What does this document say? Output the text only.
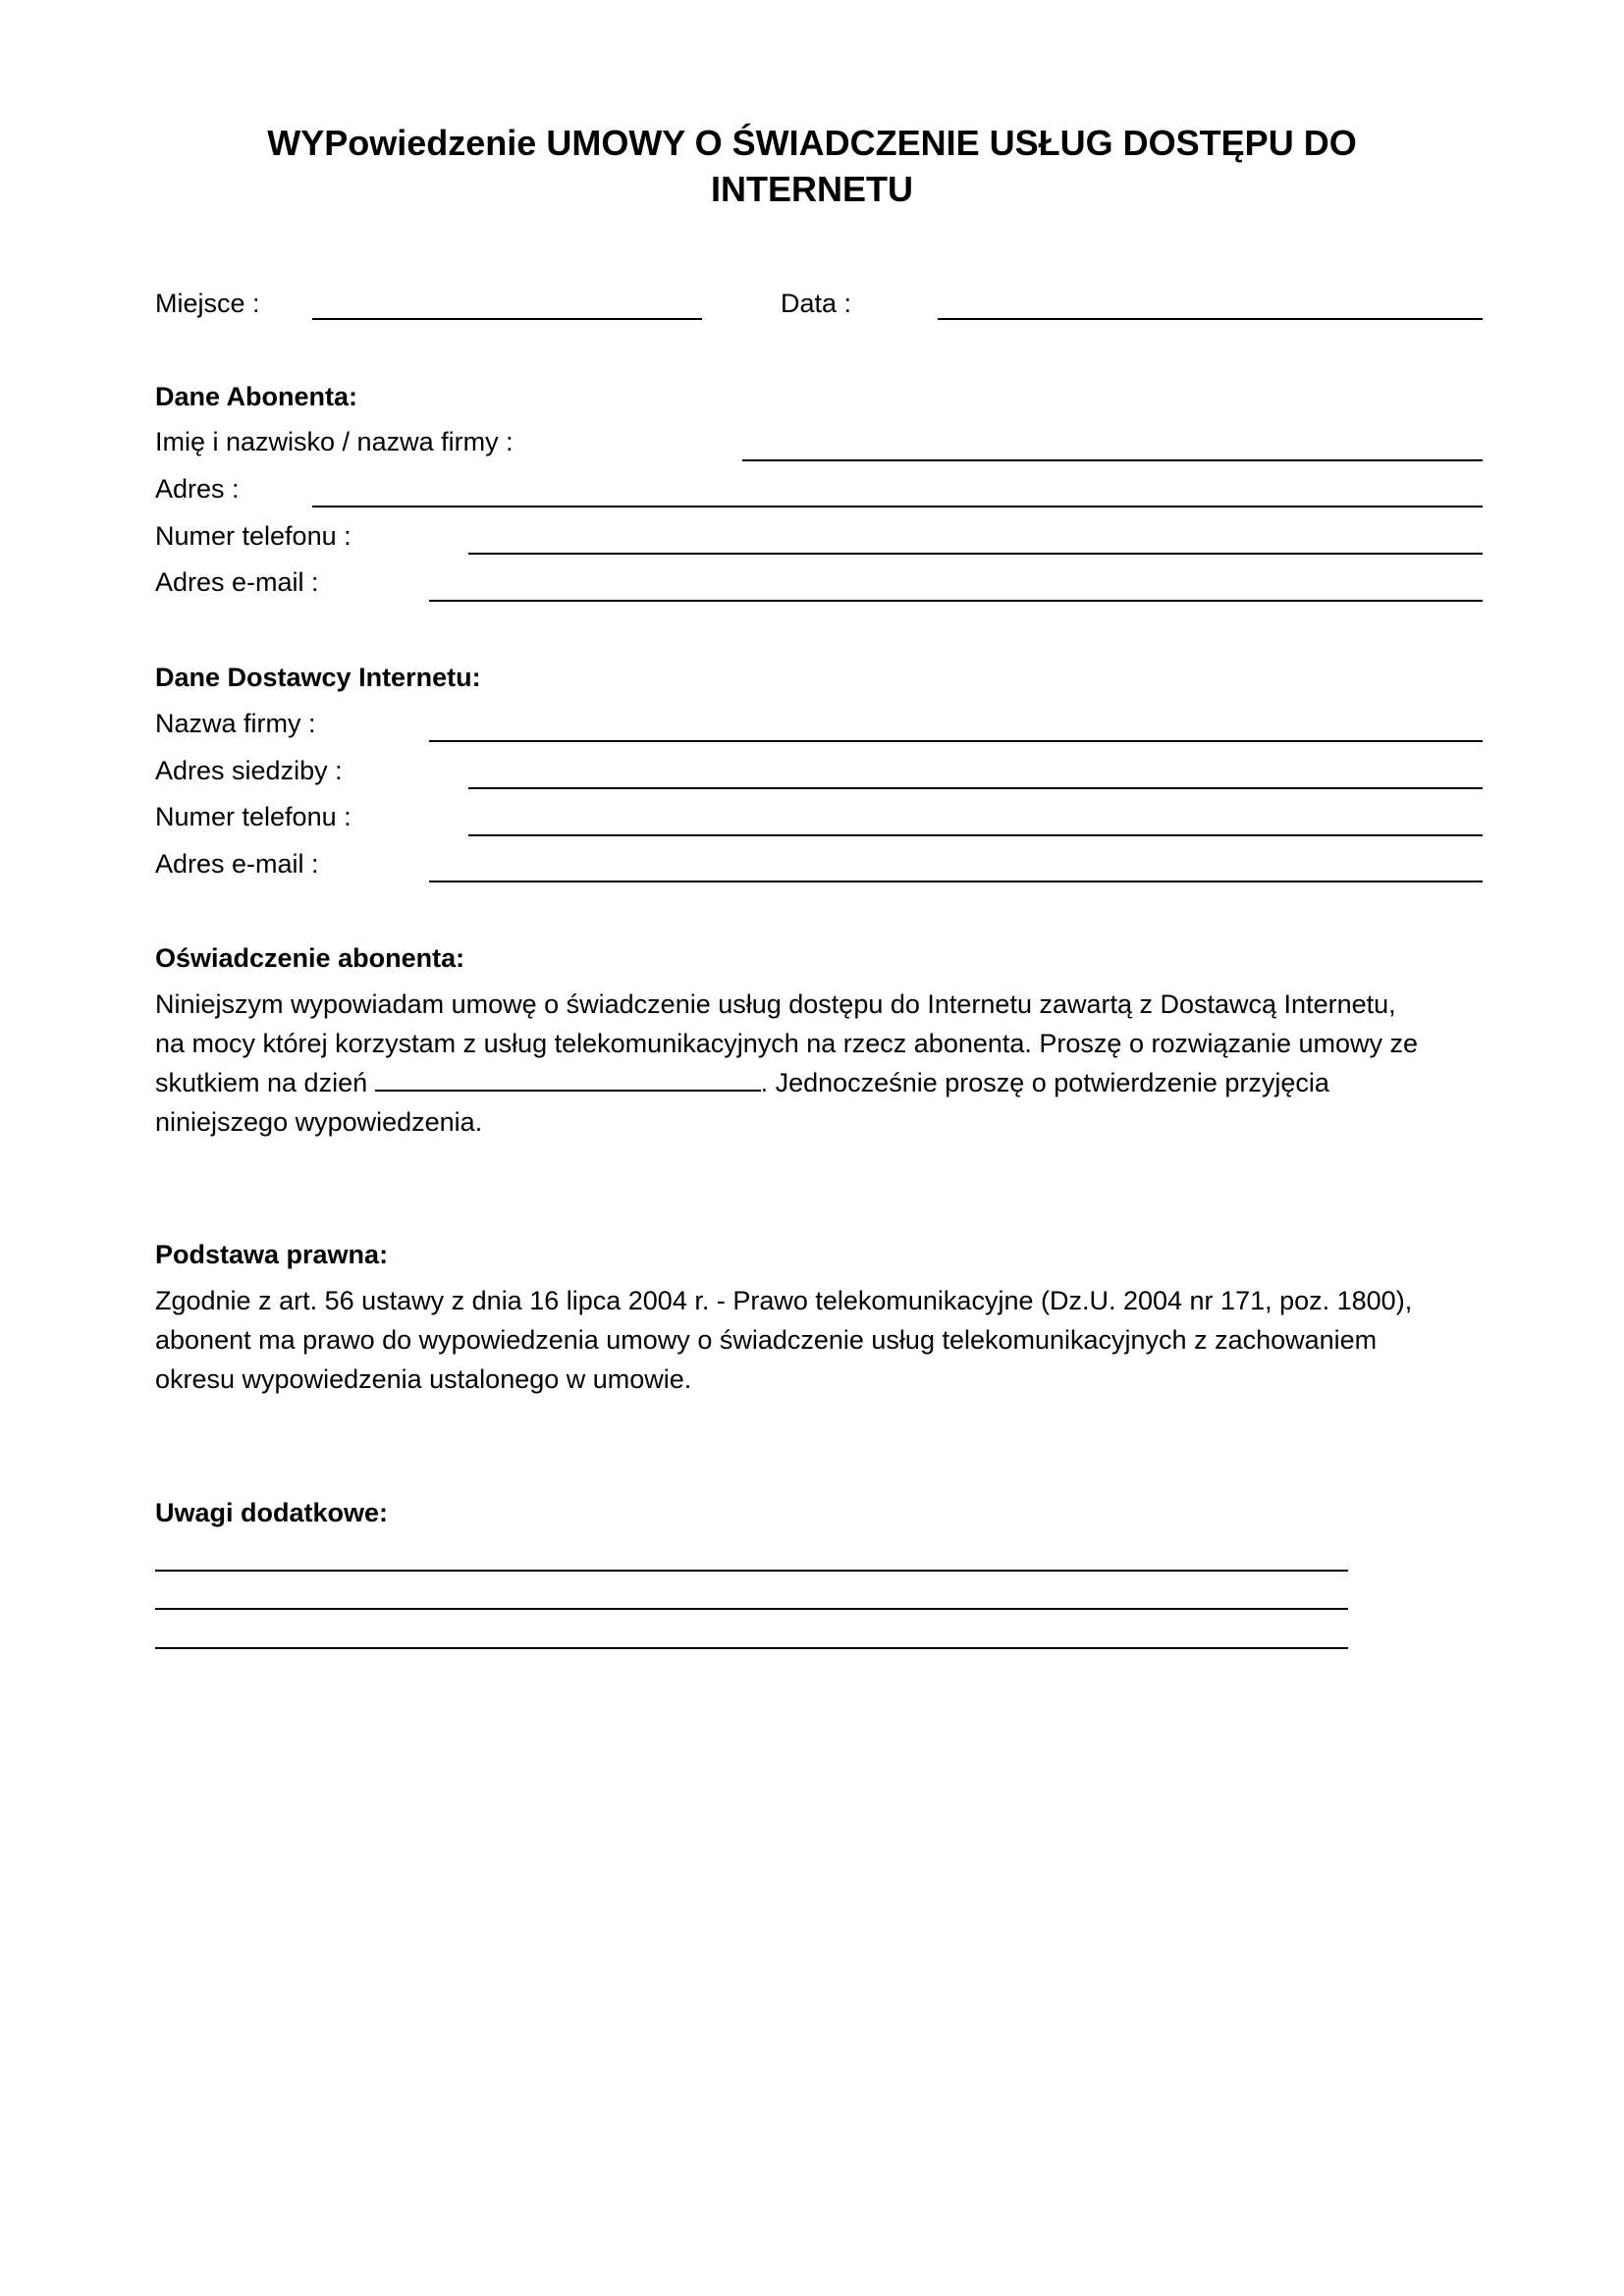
WYPowiedzenie UMOWY O ŚWIADCZENIE USŁUG DOSTĘPU DO
INTERNETU
Miejsce :	Data :
Dane Abonenta:
Imię i nazwisko / nazwa firmy :
Adres :
Numer telefonu :
Adres e-mail :
Dane Dostawcy Internetu:
Nazwa firmy :
Adres siedziby :
Numer telefonu :
Adres e-mail :
Oświadczenie abonenta:
Niniejszym wypowiadam umowę o świadczenie usług dostępu do Internetu zawartą z Dostawcą Internetu,
na mocy której korzystam z usług telekomunikacyjnych na rzecz abonenta. Proszę o rozwiązanie umowy ze
skutkiem na dzień	. Jednocześnie proszę o potwierdzenie przyjęcia
niniejszego wypowiedzenia.
Podstawa prawna:
Zgodnie z art. 56 ustawy z dnia 16 lipca 2004 r. - Prawo telekomunikacyjne (Dz.U. 2004 nr 171, poz. 1800),
abonent ma prawo do wypowiedzenia umowy o świadczenie usług telekomunikacyjnych z zachowaniem
okresu wypowiedzenia ustalonego w umowie.
Uwagi dodatkowe:
